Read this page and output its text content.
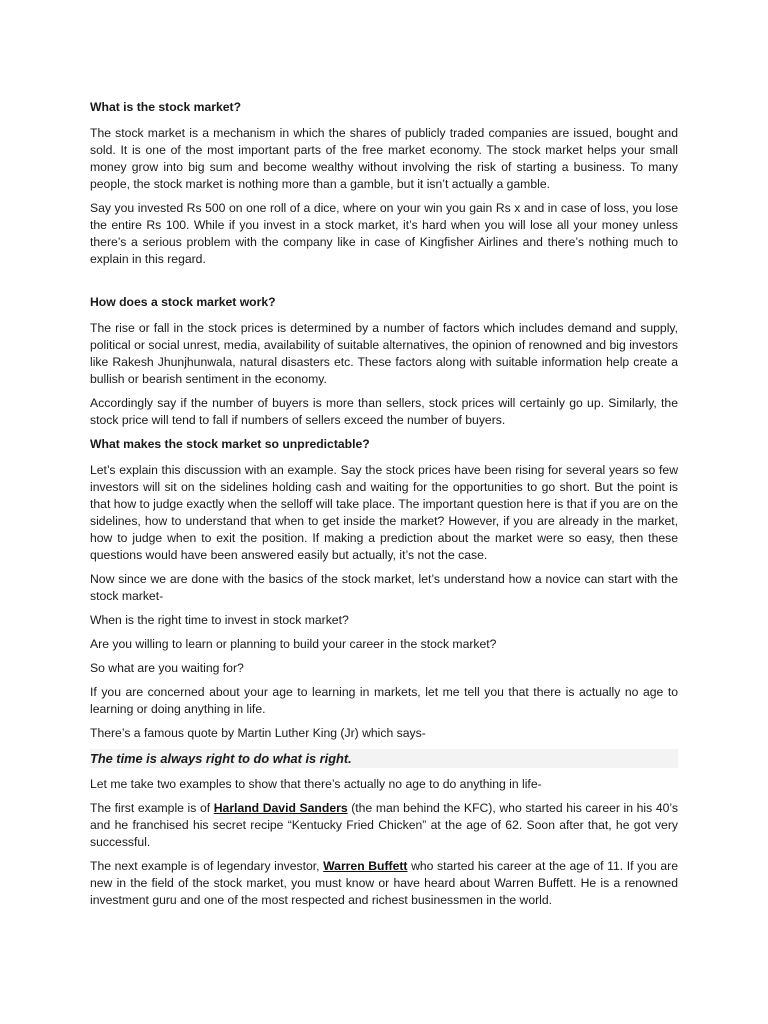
What is the stock market?

The stock market is a mechanism in which the shares of publicly traded companies are issued, bought and sold. It is one of the most important parts of the free market economy. The stock market helps your small money grow into big sum and become wealthy without involving the risk of starting a business. To many people, the stock market is nothing more than a gamble, but it isn’t actually a gamble.

Say you invested Rs 500 on one roll of a dice, where on your win you gain Rs x and in case of loss, you lose the entire Rs 100. While if you invest in a stock market, it’s hard when you will lose all your money unless there’s a serious problem with the company like in case of Kingfisher Airlines and there’s nothing much to explain in this regard.

How does a stock market work?

The rise or fall in the stock prices is determined by a number of factors which includes demand and supply, political or social unrest, media, availability of suitable alternatives, the opinion of renowned and big investors like Rakesh Jhunjhunwala, natural disasters etc. These factors along with suitable information help create a bullish or bearish sentiment in the economy.

Accordingly say if the number of buyers is more than sellers, stock prices will certainly go up. Similarly, the stock price will tend to fall if numbers of sellers exceed the number of buyers.

What makes the stock market so unpredictable?

Let’s explain this discussion with an example. Say the stock prices have been rising for several years so few investors will sit on the sidelines holding cash and waiting for the opportunities to go short. But the point is that how to judge exactly when the selloff will take place. The important question here is that if you are on the sidelines, how to understand that when to get inside the market? However, if you are already in the market, how to judge when to exit the position. If making a prediction about the market were so easy, then these questions would have been answered easily but actually, it’s not the case.

Now since we are done with the basics of the stock market, let’s understand how a novice can start with the stock market-

When is the right time to invest in stock market?

Are you willing to learn or planning to build your career in the stock market?

So what are you waiting for?

If you are concerned about your age to learning in markets, let me tell you that there is actually no age to learning or doing anything in life.

There’s a famous quote by Martin Luther King (Jr) which says-

The time is always right to do what is right.

Let me take two examples to show that there’s actually no age to do anything in life-

The first example is of Harland David Sanders (the man behind the KFC), who started his career in his 40’s and he franchised his secret recipe “Kentucky Fried Chicken” at the age of 62. Soon after that, he got very successful.

The next example is of legendary investor, Warren Buffett who started his career at the age of 11. If you are new in the field of the stock market, you must know or have heard about Warren Buffett. He is a renowned investment guru and one of the most respected and richest businessmen in the world.
